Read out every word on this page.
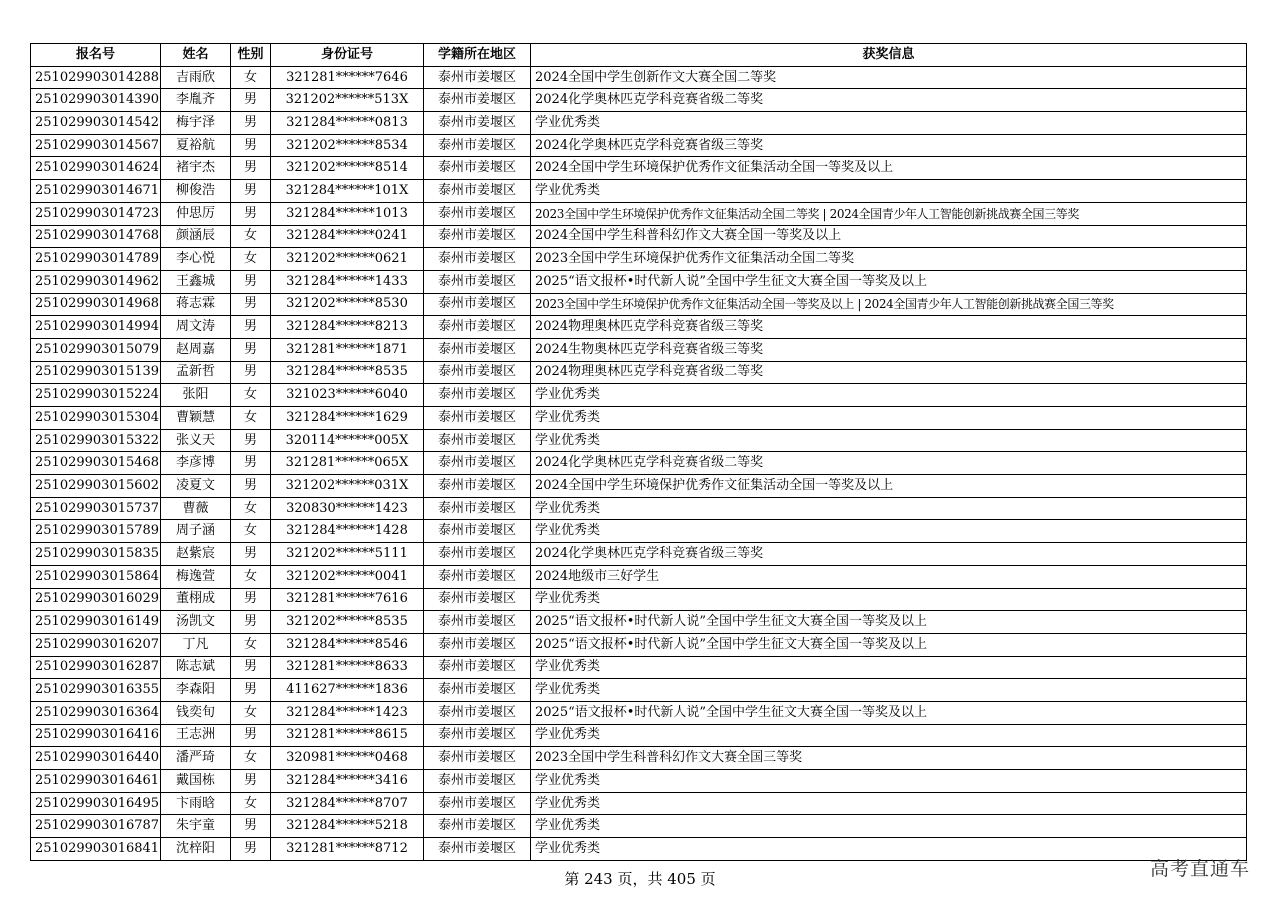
报名号	姓名	性别	身份证号	学籍所在地区	获奖信息
251029903014288	吉雨欣	女	321281******7646	泰州市姜堰区	2024全国中学生创新作文大赛全国二等奖
251029903014390	李胤齐	男	321202******513X	泰州市姜堰区	2024化学奥林匹克学科竞赛省级二等奖
251029903014542	梅宇泽	男	321284******0813	泰州市姜堰区	学业优秀类
251029903014567	夏裕航	男	321202******8534	泰州市姜堰区	2024化学奥林匹克学科竞赛省级三等奖
251029903014624	褚宇杰	男	321202******8514	泰州市姜堰区	2024全国中学生环境保护优秀作文征集活动全国一等奖及以上
251029903014671	柳俊浩	男	321284******101X	泰州市姜堰区	学业优秀类
251029903014723	仲思厉	男	321284******1013	泰州市姜堰区	2023全国中学生环境保护优秀作文征集活动全国二等奖 | 2024全国青少年人工智能创新挑战赛全国三等奖
251029903014768	颜涵辰	女	321284******0241	泰州市姜堰区	2024全国中学生科普科幻作文大赛全国一等奖及以上
251029903014789	李心悦	女	321202******0621	泰州市姜堰区	2023全国中学生环境保护优秀作文征集活动全国二等奖
251029903014962	王鑫城	男	321284******1433	泰州市姜堰区	2025“语文报杯•时代新人说”全国中学生征文大赛全国一等奖及以上
251029903014968	蒋志霖	男	321202******8530	泰州市姜堰区	2023全国中学生环境保护优秀作文征集活动全国一等奖及以上 | 2024全国青少年人工智能创新挑战赛全国三等奖
251029903014994	周文涛	男	321284******8213	泰州市姜堰区	2024物理奥林匹克学科竞赛省级三等奖
251029903015079	赵周嘉	男	321281******1871	泰州市姜堰区	2024生物奥林匹克学科竞赛省级三等奖
251029903015139	孟新哲	男	321284******8535	泰州市姜堰区	2024物理奥林匹克学科竞赛省级二等奖
251029903015224	张阳	女	321023******6040	泰州市姜堰区	学业优秀类
251029903015304	曹颖慧	女	321284******1629	泰州市姜堰区	学业优秀类
251029903015322	张义天	男	320114******005X	泰州市姜堰区	学业优秀类
251029903015468	李彦博	男	321281******065X	泰州市姜堰区	2024化学奥林匹克学科竞赛省级二等奖
251029903015602	凌夏文	男	321202******031X	泰州市姜堰区	2024全国中学生环境保护优秀作文征集活动全国一等奖及以上
251029903015737	曹薇	女	320830******1423	泰州市姜堰区	学业优秀类
251029903015789	周子涵	女	321284******1428	泰州市姜堰区	学业优秀类
251029903015835	赵紫宸	男	321202******5111	泰州市姜堰区	2024化学奥林匹克学科竞赛省级三等奖
251029903015864	梅逸萱	女	321202******0041	泰州市姜堰区	2024地级市三好学生
251029903016029	董栩成	男	321281******7616	泰州市姜堰区	学业优秀类
251029903016149	汤凯文	男	321202******8535	泰州市姜堰区	2025“语文报杯•时代新人说”全国中学生征文大赛全国一等奖及以上
251029903016207	丁凡	女	321284******8546	泰州市姜堰区	2025“语文报杯•时代新人说”全国中学生征文大赛全国一等奖及以上
251029903016287	陈志斌	男	321281******8633	泰州市姜堰区	学业优秀类
251029903016355	李森阳	男	411627******1836	泰州市姜堰区	学业优秀类
251029903016364	钱奕旬	女	321284******1423	泰州市姜堰区	2025“语文报杯•时代新人说”全国中学生征文大赛全国一等奖及以上
251029903016416	王志洲	男	321281******8615	泰州市姜堰区	学业优秀类
251029903016440	潘严琦	女	320981******0468	泰州市姜堰区	2023全国中学生科普科幻作文大赛全国三等奖
251029903016461	戴国栋	男	321284******3416	泰州市姜堰区	学业优秀类
251029903016495	卞雨晗	女	321284******8707	泰州市姜堰区	学业优秀类
251029903016787	朱宇童	男	321284******5218	泰州市姜堰区	学业优秀类
251029903016841	沈梓阳	男	321281******8712	泰州市姜堰区	学业优秀类
第 243 页，共 405 页	高考直通车
